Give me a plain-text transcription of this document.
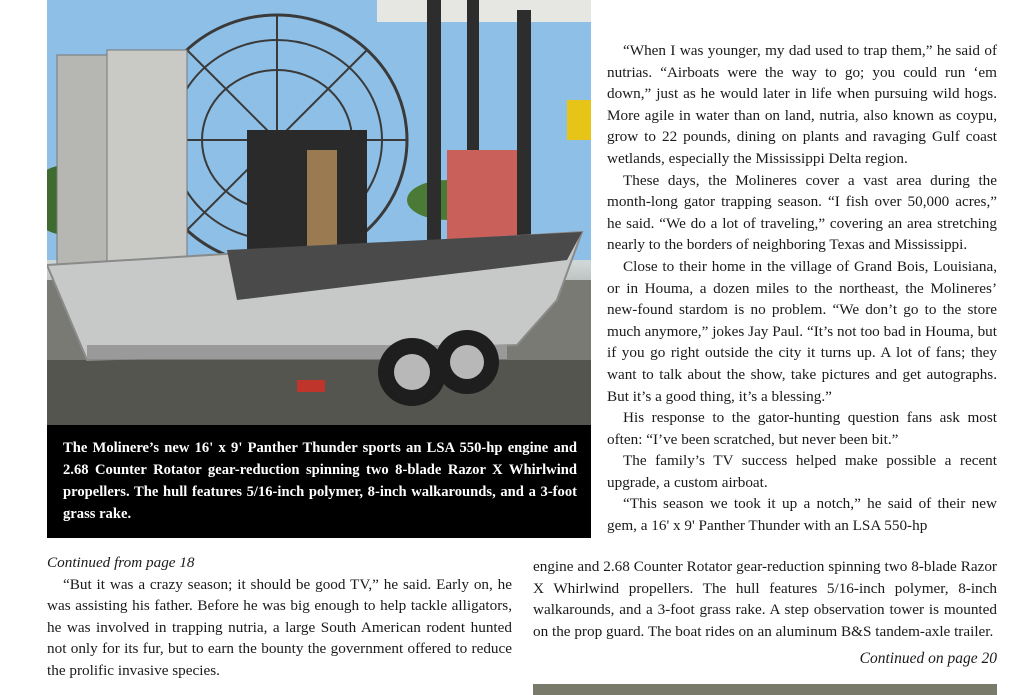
The Molinere’s new 16' x 9' Panther Thunder sports an LSA 550-hp engine and 2.68 Counter Rotator gear-reduction spinning two 8-blade Razor X Whirlwind propellers. The hull features 5/16-inch polymer, 8-inch walkarounds, and a 3-foot grass rake.

“When I was younger, my dad used to trap them,” he said of nutrias. “Airboats were the way to go; you could run ‘em down,” just as he would later in life when pursuing wild hogs. More agile in water than on land, nutria, also known as coypu, grow to 22 pounds, dining on plants and ravaging Gulf coast wetlands, especially the Mississippi Delta region.

These days, the Molineres cover a vast area during the month-long gator trapping season. “I fish over 50,000 acres,” he said. “We do a lot of traveling,” covering an area stretching nearly to the borders of neighboring Texas and Mississippi.

Close to their home in the village of Grand Bois, Louisiana, or in Houma, a dozen miles to the northeast, the Molineres’ new-found stardom is no problem. “We don’t go to the store much anymore,” jokes Jay Paul. “It’s not too bad in Houma, but if you go right outside the city it turns up. A lot of fans; they want to talk about the show, take pictures and get autographs. But it’s a good thing, it’s a blessing.”

His response to the gator-hunting question fans ask most often: “I’ve been scratched, but never been bit.”

The family’s TV success helped make possible a recent upgrade, a custom airboat.

“This season we took it up a notch,” he said of their new gem, a 16' x 9' Panther Thunder with an LSA 550-hp

engine and 2.68 Counter Rotator gear-reduction spinning two 8-blade Razor X Whirlwind propellers. The hull features 5/16-inch polymer, 8-inch walkarounds, and a 3-foot grass rake. A step observation tower is mounted on the prop guard. The boat rides on an aluminum B&S tandem-axle trailer.

Continued on page 20

Continued from page 18

“But it was a crazy season; it should be good TV,” he said. Early on, he was assisting his father. Before he was big enough to help tackle alligators, he was involved in trapping nutria, a large South American rodent hunted not only for its fur, but to earn the bounty the government offered to reduce the prolific invasive species.
